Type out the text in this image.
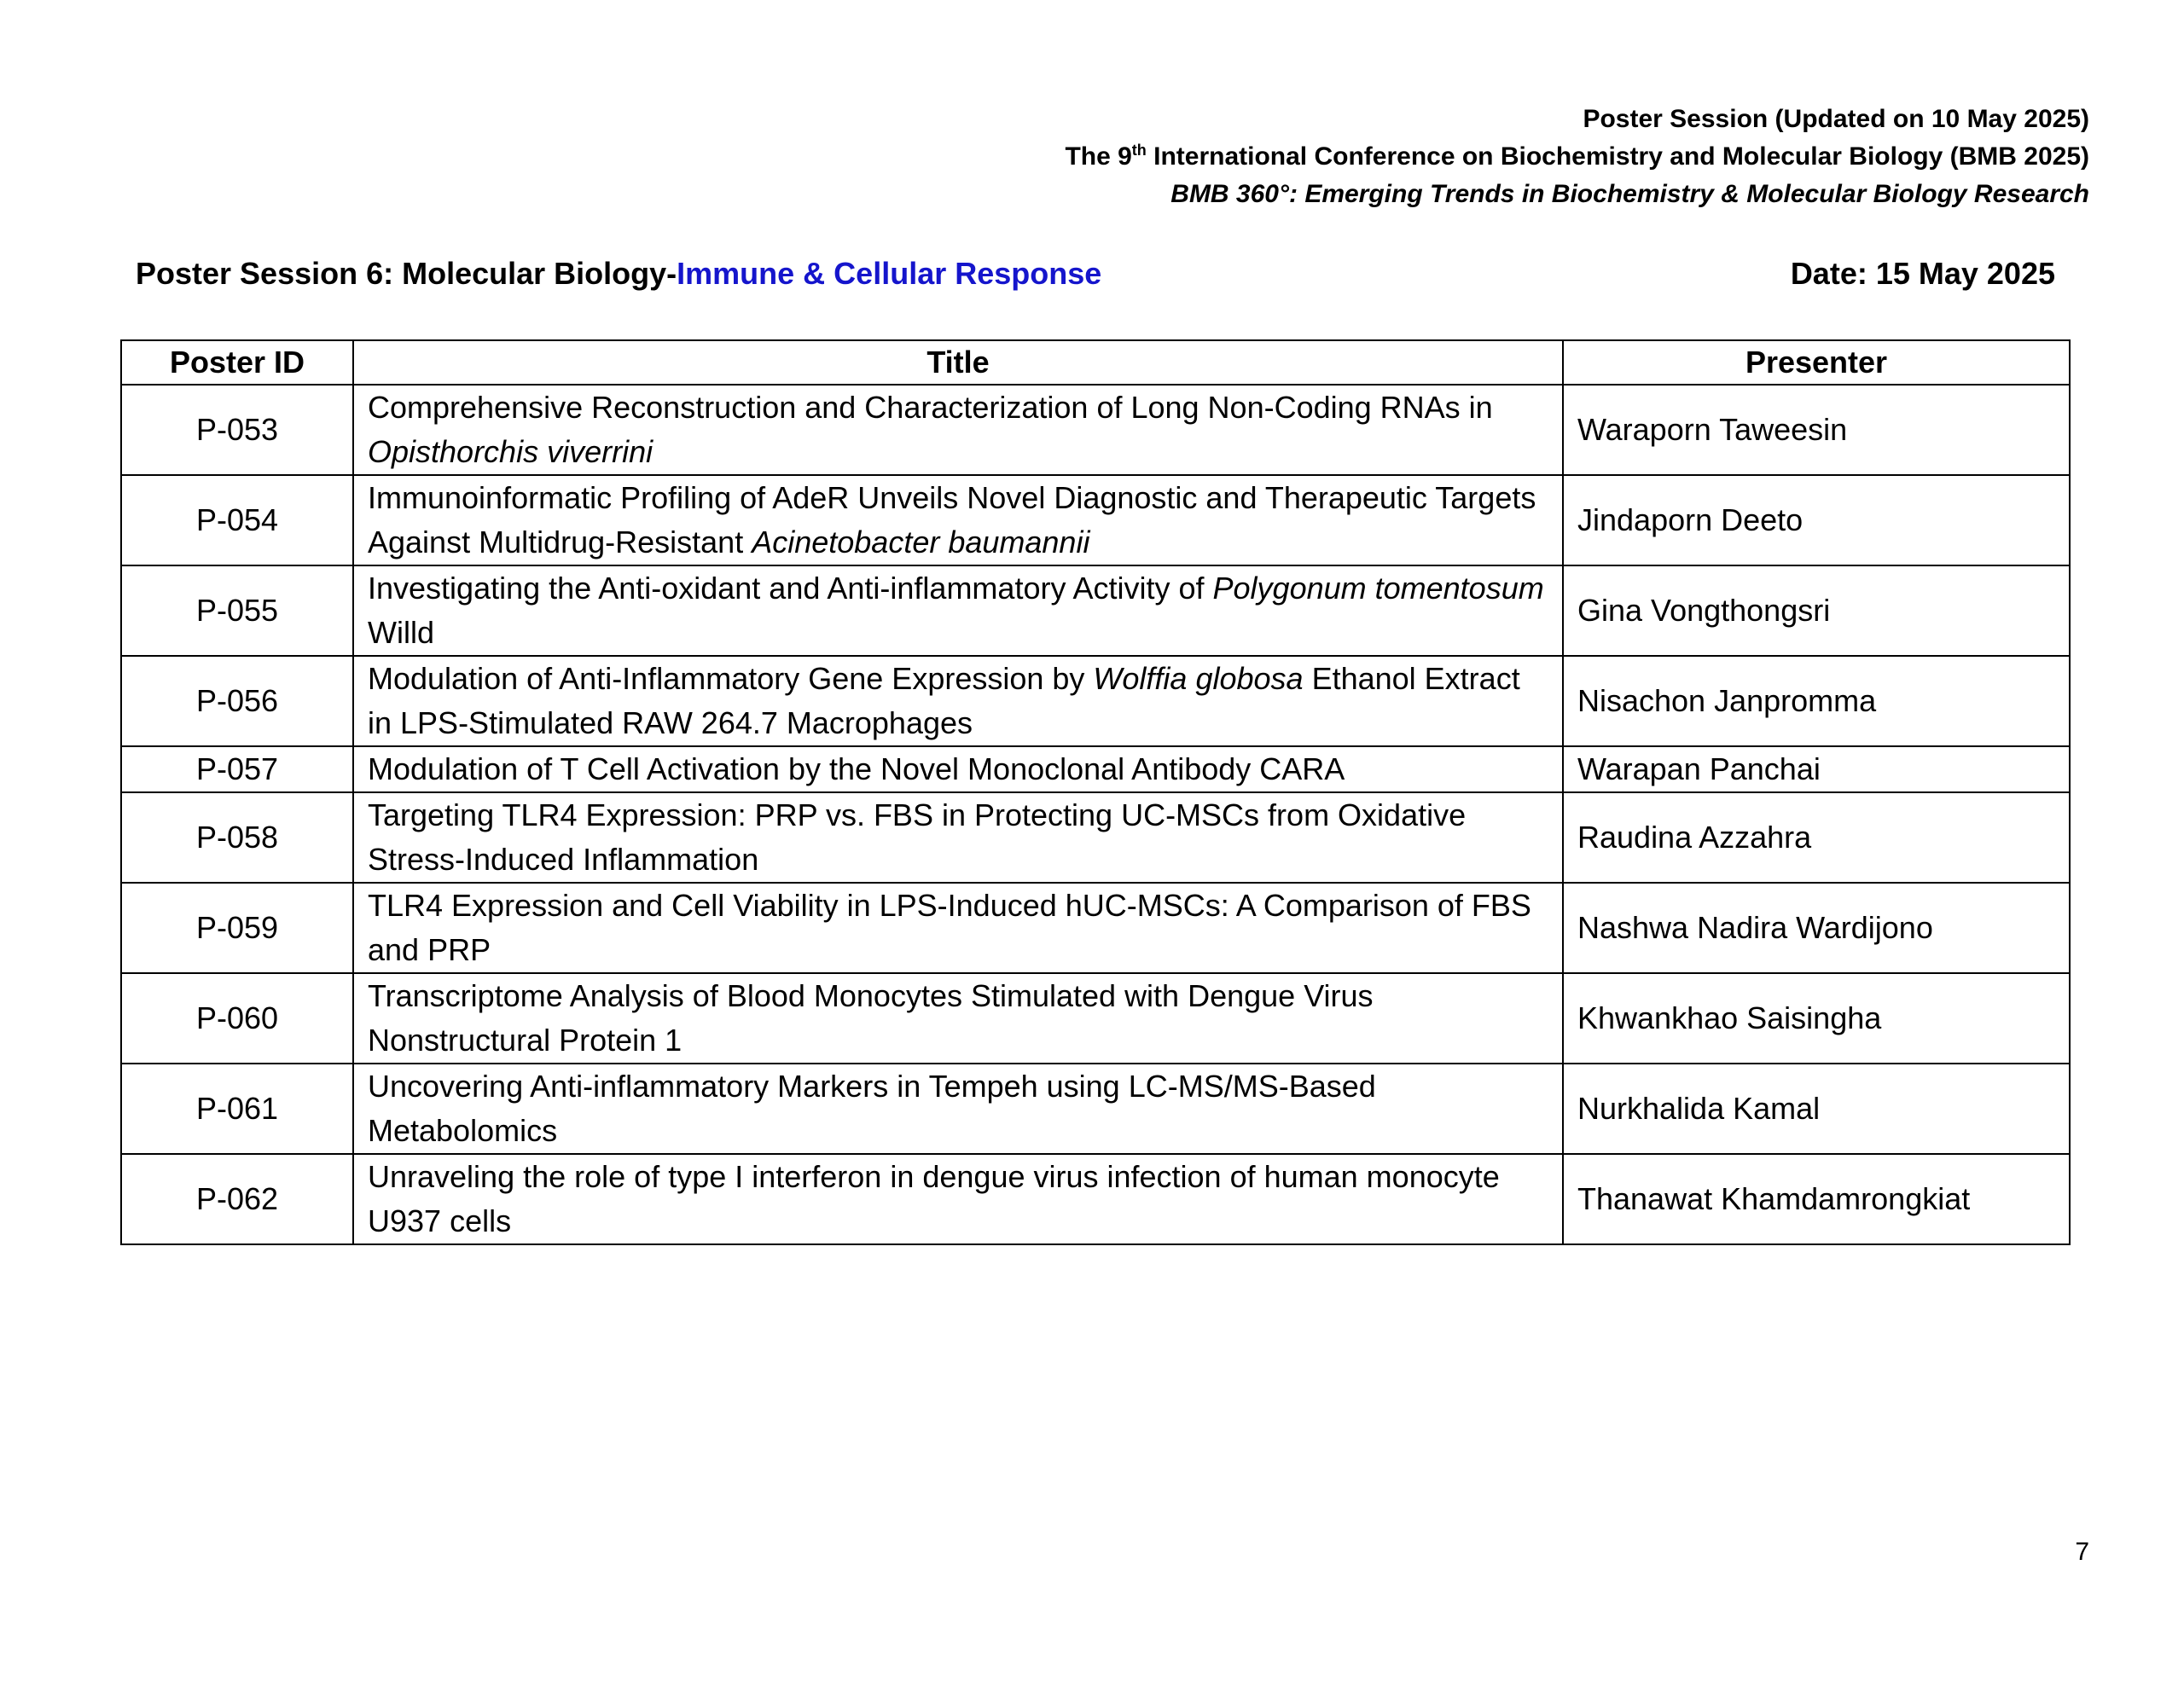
Poster Session (Updated on 10 May 2025)
The 9th International Conference on Biochemistry and Molecular Biology (BMB 2025)
BMB 360°: Emerging Trends in Biochemistry & Molecular Biology Research
Poster Session 6: Molecular Biology-Immune & Cellular Response	Date: 15 May 2025
Poster ID	Title	Presenter
P-053	Comprehensive Reconstruction and Characterization of Long Non-Coding RNAs in Opisthorchis viverrini	Waraporn Taweesin
P-054	Immunoinformatic Profiling of AdeR Unveils Novel Diagnostic and Therapeutic Targets Against Multidrug-Resistant Acinetobacter baumannii	Jindaporn Deeto
P-055	Investigating the Anti-oxidant and Anti-inflammatory Activity of Polygonum tomentosum Willd	Gina Vongthongsri
P-056	Modulation of Anti-Inflammatory Gene Expression by Wolffia globosa Ethanol Extract in LPS-Stimulated RAW 264.7 Macrophages	Nisachon Janpromma
P-057	Modulation of T Cell Activation by the Novel Monoclonal Antibody CARA	Warapan Panchai
P-058	Targeting TLR4 Expression: PRP vs. FBS in Protecting UC-MSCs from Oxidative Stress-Induced Inflammation	Raudina Azzahra
P-059	TLR4 Expression and Cell Viability in LPS-Induced hUC-MSCs: A Comparison of FBS and PRP	Nashwa Nadira Wardijono
P-060	Transcriptome Analysis of Blood Monocytes Stimulated with Dengue Virus Nonstructural Protein 1	Khwankhao Saisingha
P-061	Uncovering Anti-inflammatory Markers in Tempeh using LC-MS/MS-Based Metabolomics	Nurkhalida Kamal
P-062	Unraveling the role of type I interferon in dengue virus infection of human monocyte U937 cells	Thanawat Khamdamrongkiat
7
